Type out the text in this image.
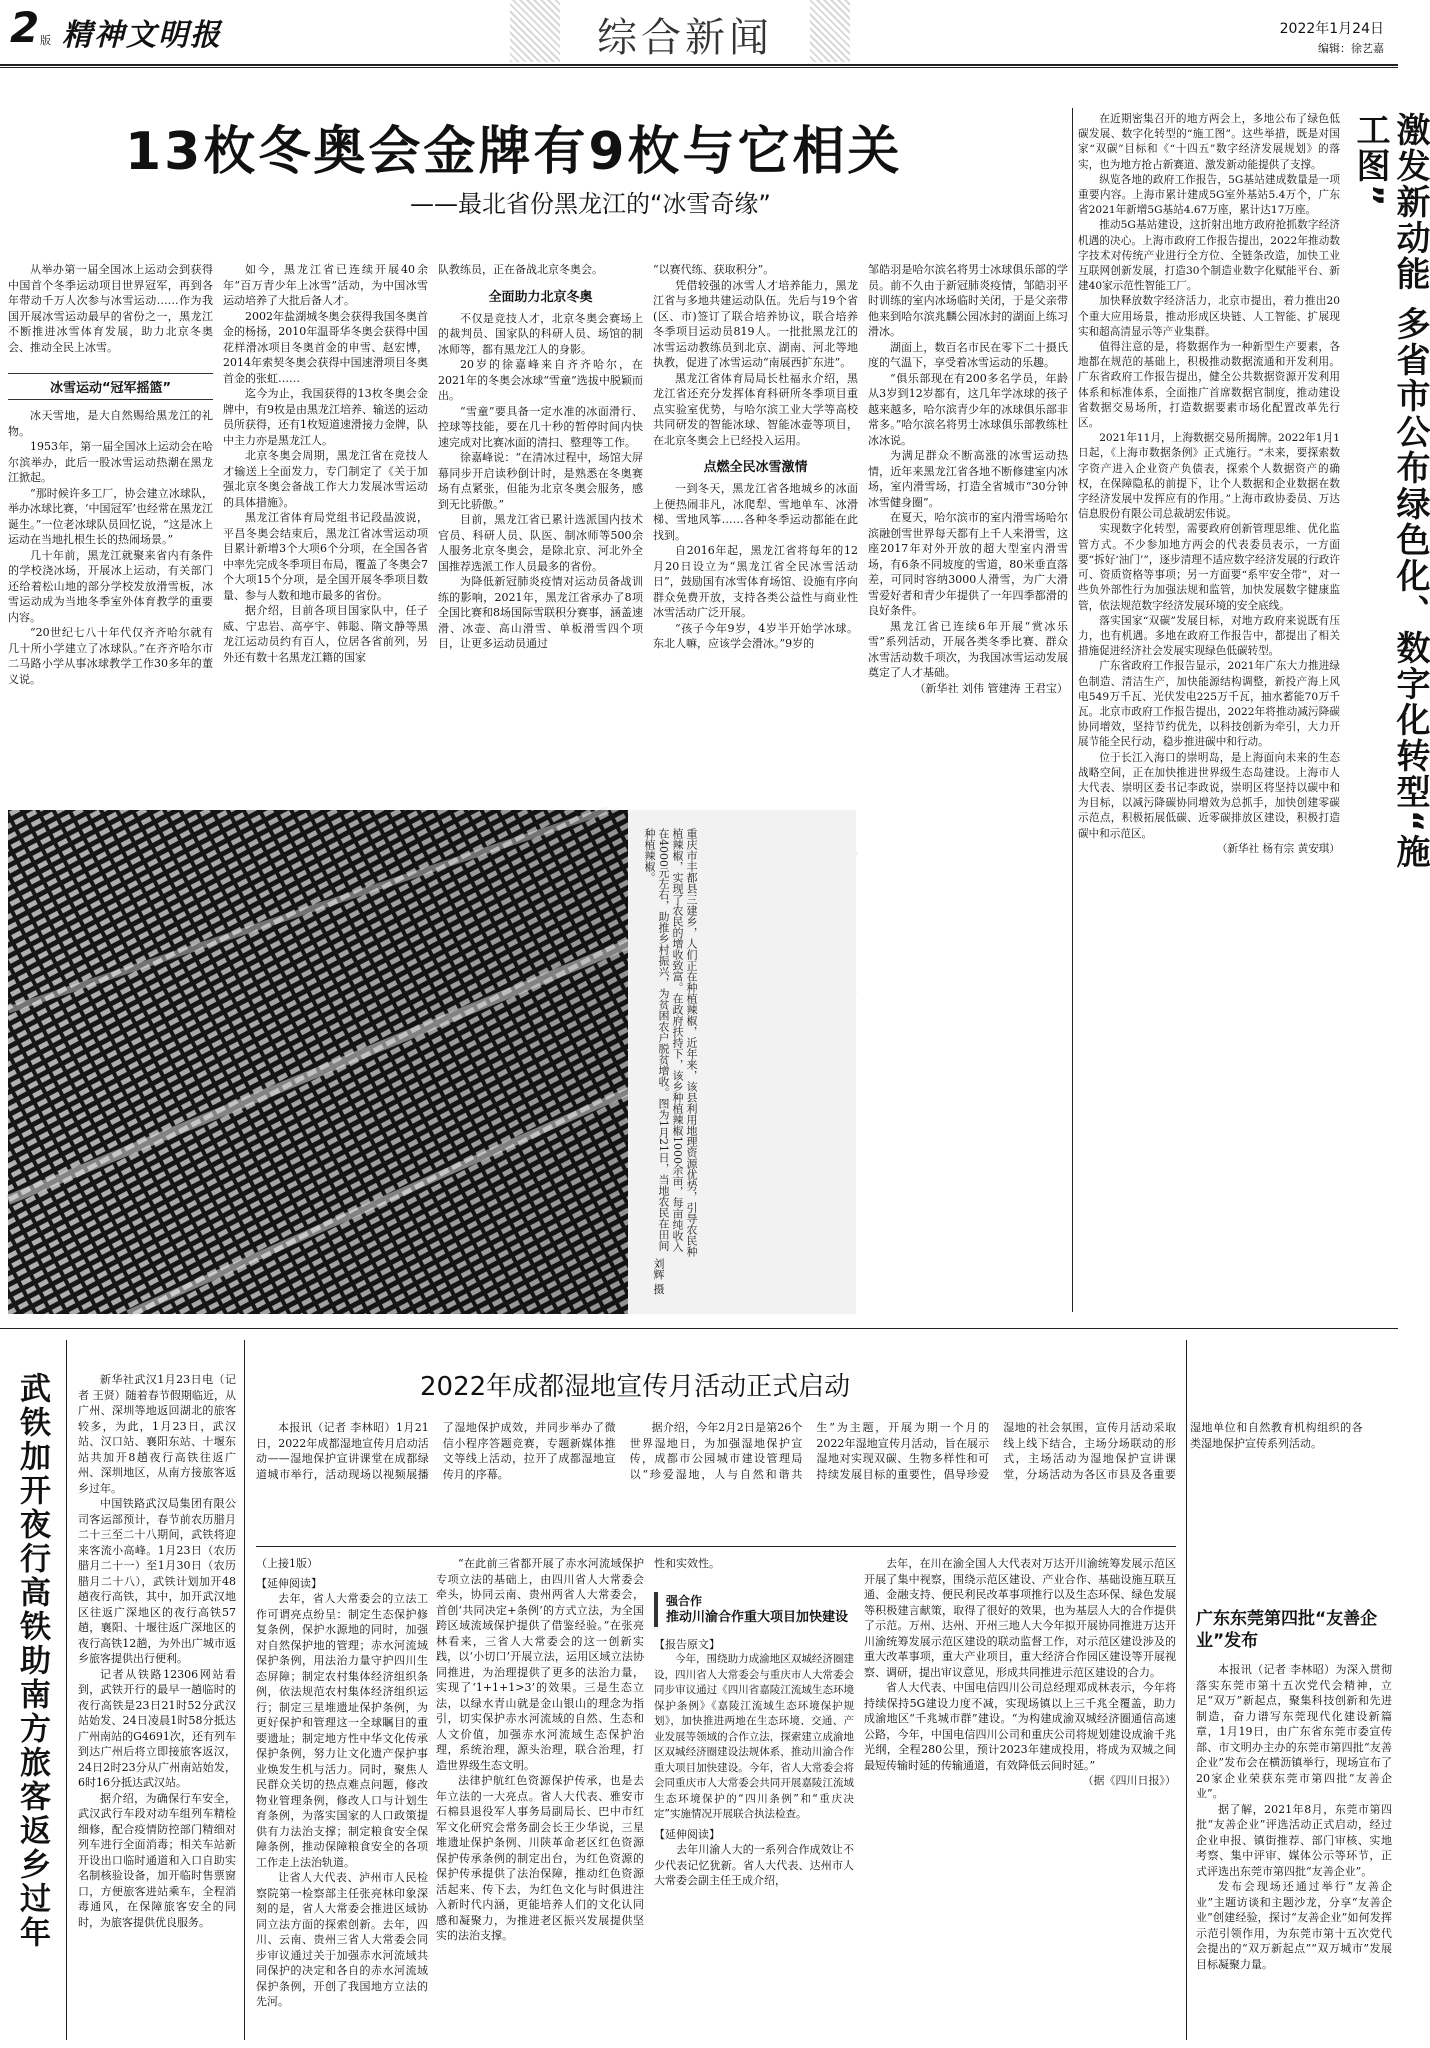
2 版 精神文明报	综合新闻	2022年1月24日
编辑：徐艺嘉
13枚冬奥会金牌有9枚与它相关
——最北省份黑龙江的“冰雪奇缘”

从举办第一届全国冰上运动会到获得中国首个冬季运动项目世界冠军，再到各年带动千万人次参与冰雪运动……作为我国开展冰雪运动最早的省份之一，黑龙江不断推进冰雪体育发展，助力北京冬奥会、推动全民上冰雪。

冰雪运动“冠军摇篮”

冰天雪地，是大自然赐给黑龙江的礼物。

1953年，第一届全国冰上运动会在哈尔滨举办，此后一股冰雪运动热潮在黑龙江掀起。

“那时候许多工厂，协会建立冰球队，举办冰球比赛，‘中国冠军’也经常在黑龙江诞生。”一位老冰球队员回忆说，“这是冰上运动在当地扎根生长的热闹场景。”

几十年前，黑龙江就聚来省内有条件的学校浇冰场，开展冰上运动，有关部门还给着松山地的部分学校发放滑雪板，冰雪运动成为当地冬季室外体育教学的重要内容。

“20世纪七八十年代仅齐齐哈尔就有几十所小学建立了冰球队。”在齐齐哈尔市二马路小学从事冰球教学工作30多年的董义说。

如今，黑龙江省已连续开展40余年“百万青少年上冰雪”活动，为中国冰雪运动培养了大批后备人才。

2002年盐湖城冬奥会获得我国冬奥首金的杨扬，2010年温哥华冬奥会获得中国花样滑冰项目冬奥首金的申雪、赵宏博，2014年索契冬奥会获得中国速滑项目冬奥首金的张虹……

迄今为止，我国获得的13枚冬奥会金牌中，有9枚是由黑龙江培养、输送的运动员所获得，还有1枚短道速滑接力金牌，队中主力亦是黑龙江人。

北京冬奥会周期，黑龙江省在竞技人才输送上全面发力，专门制定了《关于加强北京冬奥会备战工作大力发展冰雪运动的具体措施》。

黑龙江省体育局党组书记段晶波说，平昌冬奥会结束后，黑龙江省冰雪运动项目累计新增3个大项6个分项，在全国各省中率先完成冬季项目布局，覆盖了冬奥会7个大项15个分项，是全国开展冬季项目数量、参与人数和地市最多的省份。

据介绍，目前各项目国家队中，任子威、宁忠岩、高亭宇、韩聪、隋文静等黑龙江运动员约有百人，位居各省前列，另外还有数十名黑龙江籍的国家

队教练员，正在备战北京冬奥会。

全面助力北京冬奥

不仅是竞技人才，北京冬奥会赛场上的裁判员、国家队的科研人员、场馆的制冰师等，都有黑龙江人的身影。

20岁的徐嘉峰来自齐齐哈尔，在2021年的冬奥会冰球“雪童”选拔中脱颖而出。

“雪童”要具备一定水准的冰面滑行、控球等技能，要在几十秒的暂停时间内快速完成对比赛冰面的清扫、整理等工作。

徐嘉峰说：“在清冰过程中，场馆大屏幕同步开启读秒倒计时，是熟悉在冬奥赛场有点紧张，但能为北京冬奥会服务，感到无比骄傲。”

目前，黑龙江省已累计选派国内技术官员、科研人员、队医、制冰师等500余人服务北京冬奥会，是除北京、河北外全国推荐选派工作人员最多的省份。

为降低新冠肺炎疫情对运动员备战训练的影响，2021年，黑龙江省承办了8项全国比赛和8场国际雪联积分赛事，涵盖速滑、冰壶、高山滑雪、单板滑雪四个项目，让更多运动员通过

“以赛代练、获取积分”。

凭借较强的冰雪人才培养能力，黑龙江省与多地共建运动队伍。先后与19个省(区、市)签订了联合培养协议，联合培养冬季项目运动员819人。一批批黑龙江的冰雪运动教练员到北京、湖南、河北等地执教，促进了冰雪运动“南展西扩东进”。

黑龙江省体育局局长杜福永介绍，黑龙江省还充分发挥体育科研所冬季项目重点实验室优势，与哈尔滨工业大学等高校共同研发的智能冰球、智能冰壶等项目，在北京冬奥会上已经投入运用。

点燃全民冰雪激情

一到冬天，黑龙江省各地城乡的冰面上便热闹非凡，冰爬犁、雪地单车、冰滑梯、雪地风筝……各种冬季运动都能在此找到。

自2016年起，黑龙江省将每年的12月20日设立为“黑龙江省全民冰雪活动日”，鼓励国有冰雪体育场馆、设施有序向群众免费开放，支持各类公益性与商业性冰雪活动广泛开展。

“孩子今年9岁，4岁半开始学冰球。东北人嘛，应该学会滑冰。”9岁的

邹皓羽是哈尔滨名将男士冰球俱乐部的学员。前不久由于新冠肺炎疫情，邹皓羽平时训练的室内冰场临时关闭，于是父亲带他来到哈尔滨兆麟公园冰封的湖面上练习滑冰。

湖面上，数百名市民在零下二十摄氏度的气温下，享受着冰雪运动的乐趣。

“俱乐部现在有200多名学员，年龄从3岁到12岁都有，这几年学冰球的孩子越来越多，哈尔滨青少年的冰球俱乐部非常多。”哈尔滨名将男士冰球俱乐部教练杜冰冰说。

为满足群众不断高涨的冰雪运动热情，近年来黑龙江省各地不断修建室内冰场，室内滑雪场，打造全省城市“30分钟冰雪健身圈”。

在夏天，哈尔滨市的室内滑雪场哈尔滨融创雪世界每天都有上千人来滑雪，这座2017年对外开放的超大型室内滑雪场，有6条不同坡度的雪道，80米垂直落差，可同时容纳3000人滑雪，为广大滑雪爱好者和青少年提供了一年四季都滑的良好条件。

黑龙江省已连续6年开展“赏冰乐雪”系列活动，开展各类冬季比赛、群众冰雪活动数千项次，为我国冰雪运动发展奠定了人才基础。

（新华社 刘伟 管建涛 王君宝）

重庆市丰都县三建乡，人们正在种植辣椒，近年来，该县利用地理资源优势，引导农民种植辣椒，实现了农民的增收致富。在政府扶持下，该乡种植辣椒1000余亩，每亩纯收入在4000元左右，助推乡村振兴，为贫困农户脱贫增收。图为1月21日，当地农民在田间种植辣椒。
刘辉 摄

在近期密集召开的地方两会上，多地公布了绿色低碳发展、数字化转型的“施工图”。这些举措，既是对国家“双碳”目标和《“十四五”数字经济发展规划》的落实，也为地方抢占新赛道、激发新动能提供了支撑。

纵览各地的政府工作报告，5G基站建成数量是一项重要内容。上海市累计建成5G室外基站5.4万个，广东省2021年新增5G基站4.67万座，累计达17万座。

推动5G基站建设，这折射出地方政府抢抓数字经济机遇的决心。上海市政府工作报告提出，2022年推动数字技术对传统产业进行全方位、全链条改造，加快工业互联网创新发展，打造30个制造业数字化赋能平台、新建40家示范性智能工厂。

加快释放数字经济活力，北京市提出，着力推出20个重大应用场景，推动形成区块链、人工智能、扩展现实和超高清显示等产业集群。

值得注意的是，将数据作为一种新型生产要素，各地都在规范的基础上，积极推动数据流通和开发利用。广东省政府工作报告提出，健全公共数据资源开发利用体系和标准体系，全面推广首席数据官制度，推动建设省数据交易场所，打造数据要素市场化配置改革先行区。

2021年11月，上海数据交易所揭牌。2022年1月1日起，《上海市数据条例》正式施行。“未来，要探索数字资产进入企业资产负债表，探索个人数据资产的确权，在保障隐私的前提下，让个人数据和企业数据在数字经济发展中发挥应有的作用。”上海市政协委员、万达信息股份有限公司总裁胡宏伟说。

实现数字化转型，需要政府创新管理思维、优化监管方式。不少参加地方两会的代表委员表示，一方面要“拆好‘油门’”，逐步清理不适应数字经济发展的行政许可、资质资格等事项；另一方面要“系牢安全带”，对一些负外部性行为加强法规和监管，加快发展数字健康监管，依法规范数字经济发展环境的安全底线。

落实国家“双碳”发展目标，对地方政府来说既有压力，也有机遇。多地在政府工作报告中，都提出了相关措施促进经济社会发展实现绿色低碳转型。

广东省政府工作报告显示，2021年广东大力推进绿色制造、清洁生产，加快能源结构调整，新投产海上风电549万千瓦、光伏发电225万千瓦，抽水蓄能70万千瓦。北京市政府工作报告提出，2022年将推动减污降碳协同增效，坚持节约优先，以科技创新为牵引，大力开展节能全民行动，稳步推进碳中和行动。

位于长江入海口的崇明岛，是上海面向未来的生态战略空间，正在加快推进世界级生态岛建设。上海市人大代表、崇明区委书记李政说，崇明区将坚持以碳中和为目标，以减污降碳协同增效为总抓手，加快创建零碳示范点，积极拓展低碳、近零碳排放区建设，积极打造碳中和示范区。

（新华社 杨有宗 黄安琪）	激发新动能 多省市公布绿色化、数字化转型“施工图”
武铁加开夜行高铁助南方旅客返乡过年	新华社武汉1月23日电（记者 王贤）随着春节假期临近，从广州、深圳等地返回湖北的旅客较多，为此，1月23日，武汉站、汉口站、襄阳东站、十堰东站共加开8趟夜行高铁往返广州、深圳地区，从南方接旅客返乡过年。

中国铁路武汉局集团有限公司客运部预计，春节前农历腊月二十三至二十八期间，武铁将迎来客流小高峰。1月23日（农历腊月二十一）至1月30日（农历腊月二十八），武铁计划加开48趟夜行高铁，其中，加开武汉地区往返广深地区的夜行高铁57趟，襄阳、十堰往返广深地区的夜行高铁12趟，为外出广城市返乡旅客提供出行便利。

记者从铁路12306网站看到，武铁开行的最早一趟临时的夜行高铁是23日21时52分武汉站始发、24日凌晨1时58分抵达广州南站的G4691次，还有列车到达广州后将立即接旅客返汉，24日2时23分从广州南站始发，6时16分抵达武汉站。

据介绍，为确保行车安全，武汉武行车段对动车组列车精检细修，配合疫情防控部门精细对列车进行全面消毒；相关车站新开设出口临时通道和入口自助实名制核验设备，加开临时售票窗口，方便旅客进站乘车，全程消毒通风，在保障旅客安全的同时，为旅客提供优良服务。

2022年成都湿地宣传月活动正式启动

本报讯（记者 李林昭）1月21日，2022年成都湿地宣传月启动活动——湿地保护宣讲课堂在成都绿道城市举行，活动现场以视频展播了湿地保护成效，并同步举办了微信小程序答题竞赛，专题新媒体推文等线上活动，拉开了成都湿地宣传月的序幕。

据介绍，今年2月2日是第26个世界湿地日，为加强湿地保护宣传，成都市公园城市建设管理局以“珍爱湿地，人与自然和谐共生”为主题，开展为期一个月的2022年湿地宣传月活动，旨在展示湿地对实现双碳、生物多样性和可持续发展目标的重要性，倡导珍爱湿地的社会氛围，宣传月活动采取线上线下结合，主场分场联动的形式，主场活动为湿地保护宣讲课堂，分场活动为各区市县及各重要湿地单位和自然教育机构组织的各类湿地保护宣传系列活动。

（上接1版）

【延伸阅读】

去年，省人大常委会的立法工作可谓亮点纷呈：制定生态保护修复条例，保护水源地的同时，加强对自然保护地的管理；赤水河流域保护条例，用法治力量守护四川生态屏障；制定农村集体经济组织条例，依法规范农村集体经济组织运行；制定三星堆遗址保护条例，为更好保护和管理这一全球瞩目的重要遗址；制定地方性中华文化传承保护条例，努力让文化遗产保护事业焕发生机与活力。同时，聚焦人民群众关切的热点难点问题，修改物业管理条例，修改人口与计划生育条例，为落实国家的人口政策提供有力法治支撑；制定粮食安全保障条例，推动保障粮食安全的各项工作走上法治轨道。

让省人大代表、泸州市人民检察院第一检察部主任张亮林印象深刻的是，省人大常委会推进区域协同立法方面的探索创新。去年，四川、云南、贵州三省人大常委会同步审议通过关于加强赤水河流域共同保护的决定和各自的赤水河流域保护条例，开创了我国地方立法的先河。

“在此前三省都开展了赤水河流域保护专项立法的基础上，由四川省人大常委会牵头，协同云南、贵州两省人大常委会，首创‘共同决定+条例’的方式立法，为全国跨区域流域保护提供了借鉴经验。”在张亮林看来，三省人大常委会的这一创新实践，以‘小切口’开展立法，运用区域立法协同推进，为治理提供了更多的法治力量，实现了‘1+1+1>3’的效果。三是生态立法，以绿水青山就是金山银山的理念为指引，切实保护赤水河流域的自然、生态和人文价值，加强赤水河流域生态保护治理，系统治理，源头治理，联合治理，打造世界级生态文明。

法律护航红色资源保护传承，也是去年立法的一大亮点。省人大代表、雅安市石棉县退役军人事务局副局长、巴中市红军文化研究会常务副会长王少华说，三星堆遗址保护条例、川陕革命老区红色资源保护传承条例的制定出台，为红色资源的保护传承提供了法治保障，推动红色资源活起来、传下去，为红色文化与时俱进注入新时代内涵，更能培养人们的文化认同感和凝聚力，为推进老区振兴发展提供坚实的法治支撑。

性和实效性。

强合作
推动川渝合作重大项目加快建设

【报告原文】

今年，围绕助力成渝地区双城经济圈建设，四川省人大常委会与重庆市人大常委会同步审议通过《四川省嘉陵江流域生态环境保护条例》《嘉陵江流域生态环境保护规划》，加快推进两地在生态环境、交通、产业发展等领域的合作立法，探索建立成渝地区双城经济圈建设法规体系，推动川渝合作重大项目加快建设。今年，省人大常委会将会同重庆市人大常委会共同开展嘉陵江流域生态环境保护的“四川条例”和“重庆决定”实施情况开展联合执法检查。

【延伸阅读】

去年川渝人大的一系列合作成效让不少代表记忆犹新。省人大代表、达州市人大常委会副主任王成介绍，

去年，在川在渝全国人大代表对万达开川渝统筹发展示范区开展了集中视察，围绕示范区建设、产业合作、基础设施互联互通、金融支持、便民利民改革事项推行以及生态环保、绿色发展等积极建言献策，取得了很好的效果，也为基层人大的合作提供了示范。万州、达州、开州三地人大今年拟开展协同推进万达开川渝统筹发展示范区建设的联动监督工作，对示范区建设涉及的重大改革事项，重大产业项目，重大经济合作园区建设等开展视察、调研，提出审议意见，形成共同推进示范区建设的合力。

省人大代表、中国电信四川公司总经理邓成林表示，今年将持续保持5G建设力度不减，实现场镇以上三千兆全覆盖，助力成渝地区“千兆城市群”建设。“为构建成渝双城经济圈通信高速公路，今年，中国电信四川公司和重庆公司将规划建设成渝千兆光纲，全程280公里，预计2023年建成投用，将成为双城之间最短传输时延的传输通道，有效降低云间时延。”

（据《四川日报》）

广东东莞第四批“友善企业”发布

本报讯（记者 李林昭）为深入贯彻落实东莞市第十五次党代会精神，立足“双万”新起点，聚集科技创新和先进制造，奋力谱写东莞现代化建设新篇章，1月19日，由广东省东莞市委宣传部、市文明办主办的东莞市第四批“友善企业”发布会在横沥镇举行，现场宣布了20家企业荣获东莞市第四批“友善企业”。

据了解，2021年8月，东莞市第四批“友善企业”评选活动正式启动，经过企业申报、镇街推荐、部门审核、实地考察、集中评审、媒体公示等环节，正式评选出东莞市第四批“友善企业”。

发布会现场还通过举行“友善企业”主题访谈和主题沙龙，分享“友善企业”创建经验，探讨“友善企业”如何发挥示范引领作用，为东莞市第十五次党代会提出的“双万新起点”“双万城市”发展目标凝聚力量。
